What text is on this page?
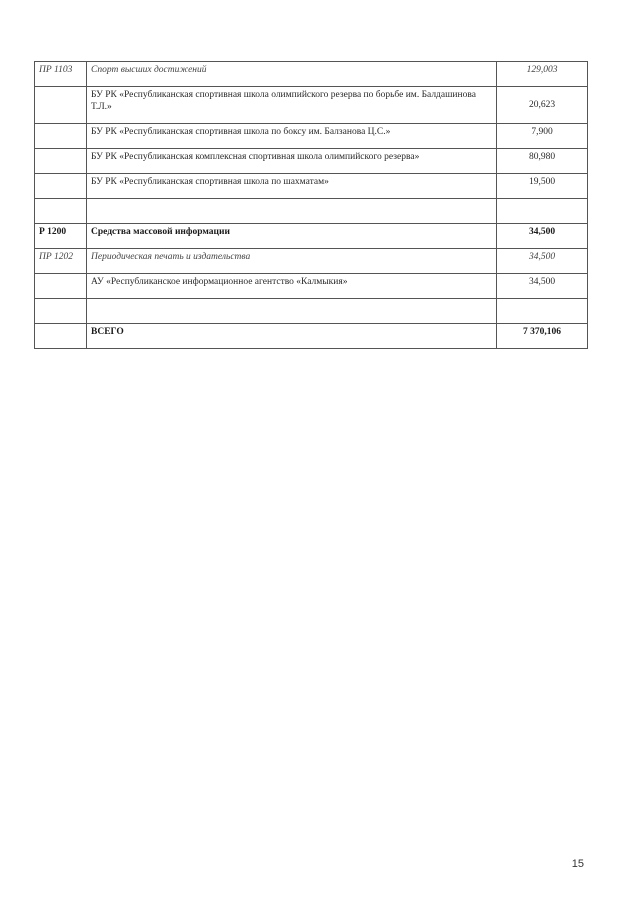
ПР 1103	Спорт высших достижений	129,003
	БУ РК «Республиканская спортивная школа олимпийского резерва по борьбе им. Балдашинова Т.Л.»	20,623
	БУ РК «Республиканская спортивная школа по боксу им. Балзанова Ц.С.»	7,900
	БУ РК «Республиканская комплексная спортивная школа олимпийского резерва»	80,980
	БУ РК «Республиканская спортивная школа по шахматам»	19,500

Р 1200	Средства массовой информации	34,500
ПР 1202	Периодическая печать и издательства	34,500
	АУ «Республиканское информационное агентство «Калмыкия»	34,500

	ВСЕГО	7 370,106
15
